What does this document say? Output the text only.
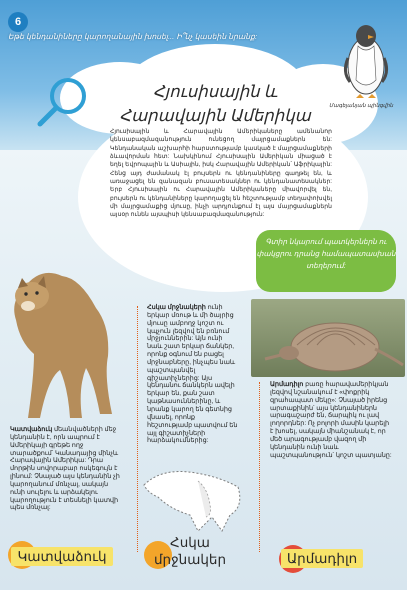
6
Եթե կենդանիները կարողանային խոսել... Ի՞նչ կասեին նրանք:
Մագելանյան պինգվին
Հյուսիսային և
Հարավային Ամերիկա
Հյուսիսային և Հարավային Ամերիկաները ամենանոր կենսաբազմազանություն ունեցող մայրցամաքներն են: Կենդանական աշխարհի հարստությամբ կասկած է մայրցամաքների ձևավորման հետ: Նախկինում Հյուսիսային Ամերիկան միացած է եղել Եվրոպային և Ասիային, իսկ Հարավային Ամերիկան՝ Աֆրիկային: Հենց այդ ժամանակ էլ բույսերն ու կենդանիները գաղթել են, և առաջացել են զանազան բուսատեսակներ ու կենդանատեսակներ: Երբ Հյուսիսային ու Հարավային Ամերիկաները միավորվել են, բույսերն ու կենդանիները կարողացել են հեշտությամբ տեղափոխվել մի մայրցամաքից մյուսը, ինչի արդյունքում էլ այս մայրցամաքներն այսօր ունեն այսպիսի կենսաբազմազանություն:
Գտիր նկարում պատկերներն ու փակցրու դրանց համապատասխան տեղերում:
Կատվաձուկ մեանվածների մեջ կենդանին է, որն ապրում է Ամերիկայի գրեթե ողջ տարածքում՝ Կանադայից մինչև Հարավային Ամերիկա: Դրա մորթին սովորաբար ոսկեգույն է լինում: Չնայած այս կենդանին չի կարողանում մռնչալ, սակայն ունի սուլելու և արձակելու կարողություն է տեսնելի կատվի պես մռնչալ:
Հսկա մրջնակերի ունի երկար մռութ և մի ծայրից մյուսը ամբողջ կոշտ ու կպչուն լեզվով են բռնում մրջյուններին: Այն ունի նաև շատ երկար ճանկեր, որոնք օգնում են բացել մրջնաբները, ինչպես նաև պաշտպանվել գիշատիչներից: Այս կենդանու ճանկերն ավելի երկար են, քան շատ կաթնասուններինը, և նրանք կարող են գետնից վնասել, որոնք հեշտությամբ պատվում են այլ գիշատիչների հարձակումներից:
Արմադիլո բառը հարավամերիկյան լեզվով նշանակում է «փոքրիկ զրահապատ մեկը»: Չնայած իրենց արտաքինին՝ այս կենդանիներն արագաշարժ են, ճարպիկ ու լավ լողորդներ: Ոչ բոլորի մասին կարելի է խոսել, սակայն միանշանակ է, որ մեծ արագությամբ վազող մի կենդանին ունի նաև պաշտպանություն՝ կոշտ պատյանը:
Կատվաձուկ
Հսկա մրջնակեր	Արմադիլո
